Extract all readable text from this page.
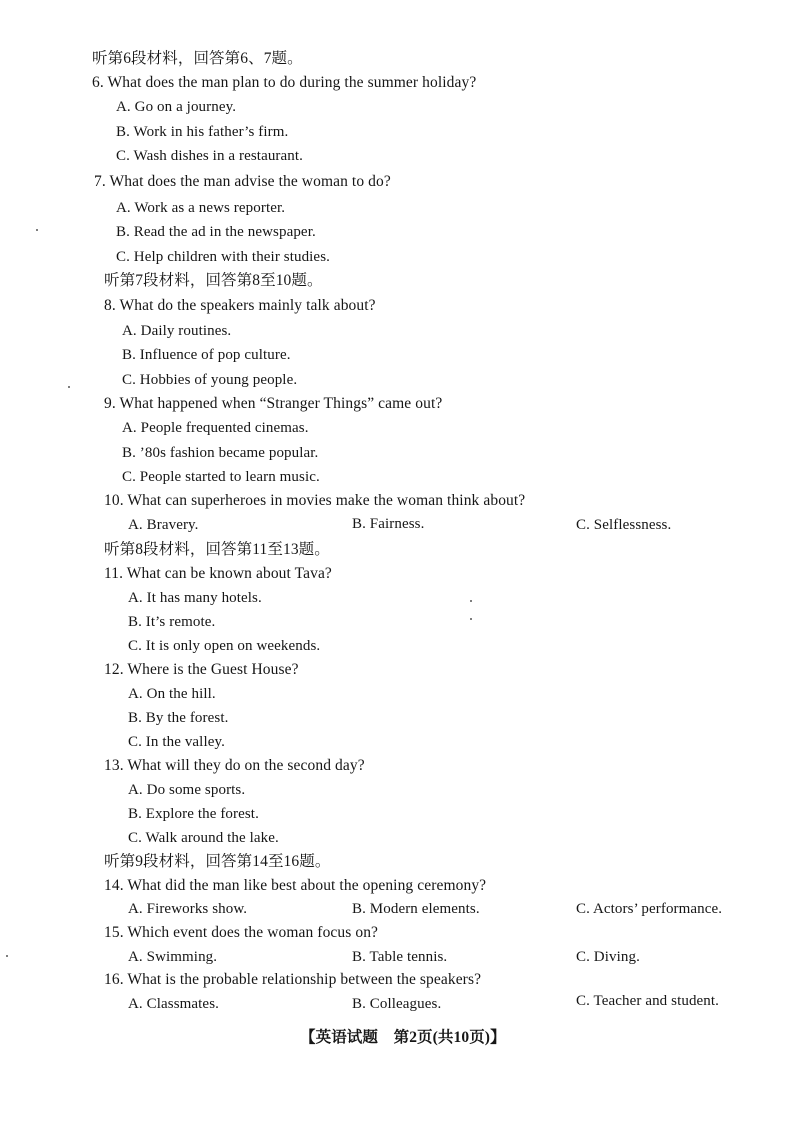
听第6段材料，回答第6、7题。
6. What does the man plan to do during the summer holiday?
A. Go on a journey.
B. Work in his father’s firm.
C. Wash dishes in a restaurant.
7. What does the man advise the woman to do?
A. Work as a news reporter.
B. Read the ad in the newspaper.
C. Help children with their studies.
听第7段材料，回答第8至10题。
8. What do the speakers mainly talk about?
A. Daily routines.
B. Influence of pop culture.
C. Hobbies of young people.
9. What happened when “Stranger Things” came out?
A. People frequented cinemas.
B. ’80s fashion became popular.
C. People started to learn music.
10. What can superheroes in movies make the woman think about?
A. Bravery.	B. Fairness.	C. Selflessness.
听第8段材料，回答第11至13题。
11. What can be known about Tava?
A. It has many hotels.
B. It’s remote.
C. It is only open on weekends.
12. Where is the Guest House?
A. On the hill.
B. By the forest.
C. In the valley.
13. What will they do on the second day?
A. Do some sports.
B. Explore the forest.
C. Walk around the lake.
听第9段材料，回答第14至16题。
14. What did the man like best about the opening ceremony?
A. Fireworks show.	B. Modern elements.	C. Actors’ performance.
15. Which event does the woman focus on?
A. Swimming.	B. Table tennis.	C. Diving.
16. What is the probable relationship between the speakers?
A. Classmates.	B. Colleagues.	C. Teacher and student.
【英语试题　第2页(共10页)】
